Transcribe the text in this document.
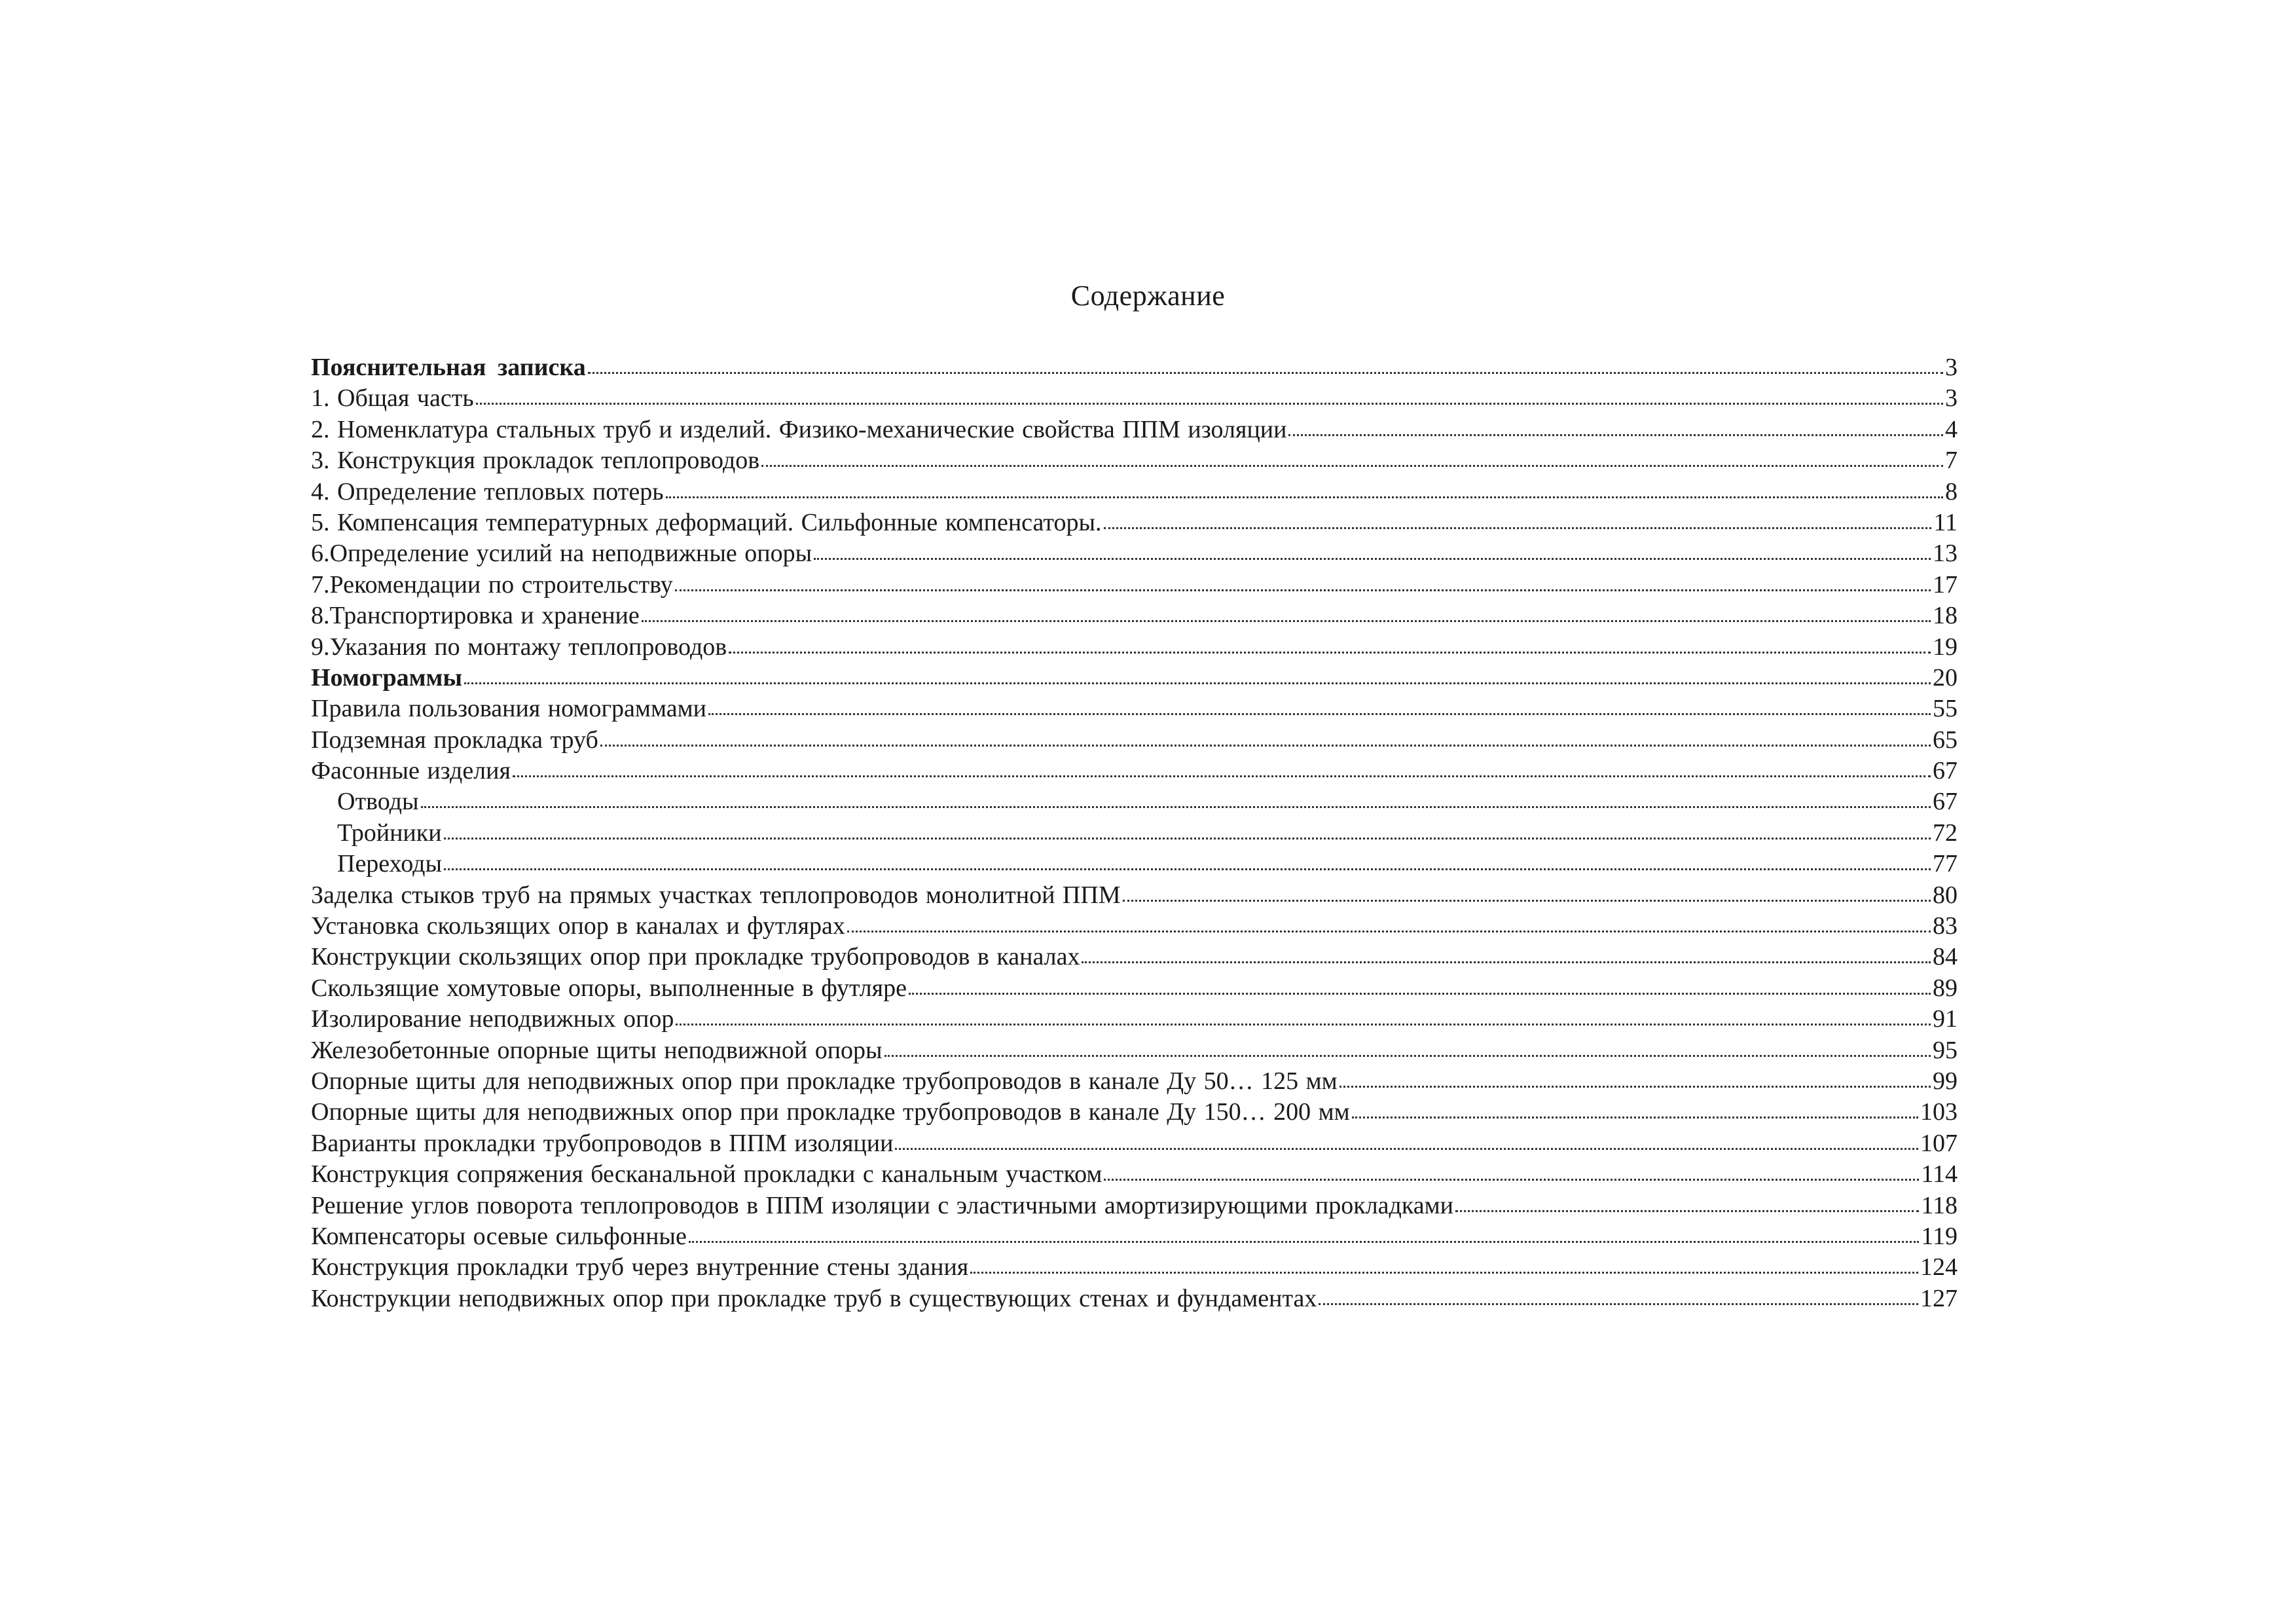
Содержание
Пояснительная записка	3
1. Общая часть	3
2. Номенклатура стальных труб и изделий. Физико-механические свойства ППМ изоляции	4
3. Конструкция прокладок теплопроводов	7
4. Определение тепловых потерь	8
5. Компенсация температурных деформаций. Сильфонные компенсаторы.	11
6.Определение усилий на неподвижные опоры	13
7.Рекомендации по строительству	17
8.Транспортировка и хранение	18
9.Указания по монтажу теплопроводов	19
Номограммы	20
Правила пользования номограммами	55
Подземная прокладка труб	65
Фасонные изделия	67
Отводы	67
Тройники	72
Переходы	77
Заделка стыков труб на прямых участках теплопроводов монолитной ППМ	80
Установка скользящих опор в каналах и футлярах	83
Конструкции скользящих опор при прокладке трубопроводов в каналах	84
Скользящие хомутовые опоры, выполненные в футляре	89
Изолирование неподвижных опор	91
Железобетонные опорные щиты неподвижной опоры	95
Опорные щиты для неподвижных опор при прокладке трубопроводов в канале Ду 50… 125 мм	99
Опорные щиты для неподвижных опор при прокладке трубопроводов в канале Ду 150… 200 мм	103
Варианты прокладки трубопроводов в ППМ изоляции	107
Конструкция сопряжения бесканальной прокладки с канальным участком	114
Решение углов поворота теплопроводов в ППМ изоляции с эластичными амортизирующими прокладками	118
Компенсаторы осевые сильфонные	119
Конструкция прокладки труб через внутренние стены здания	124
Конструкции неподвижных опор при прокладке труб в существующих стенах и фундаментах	127
